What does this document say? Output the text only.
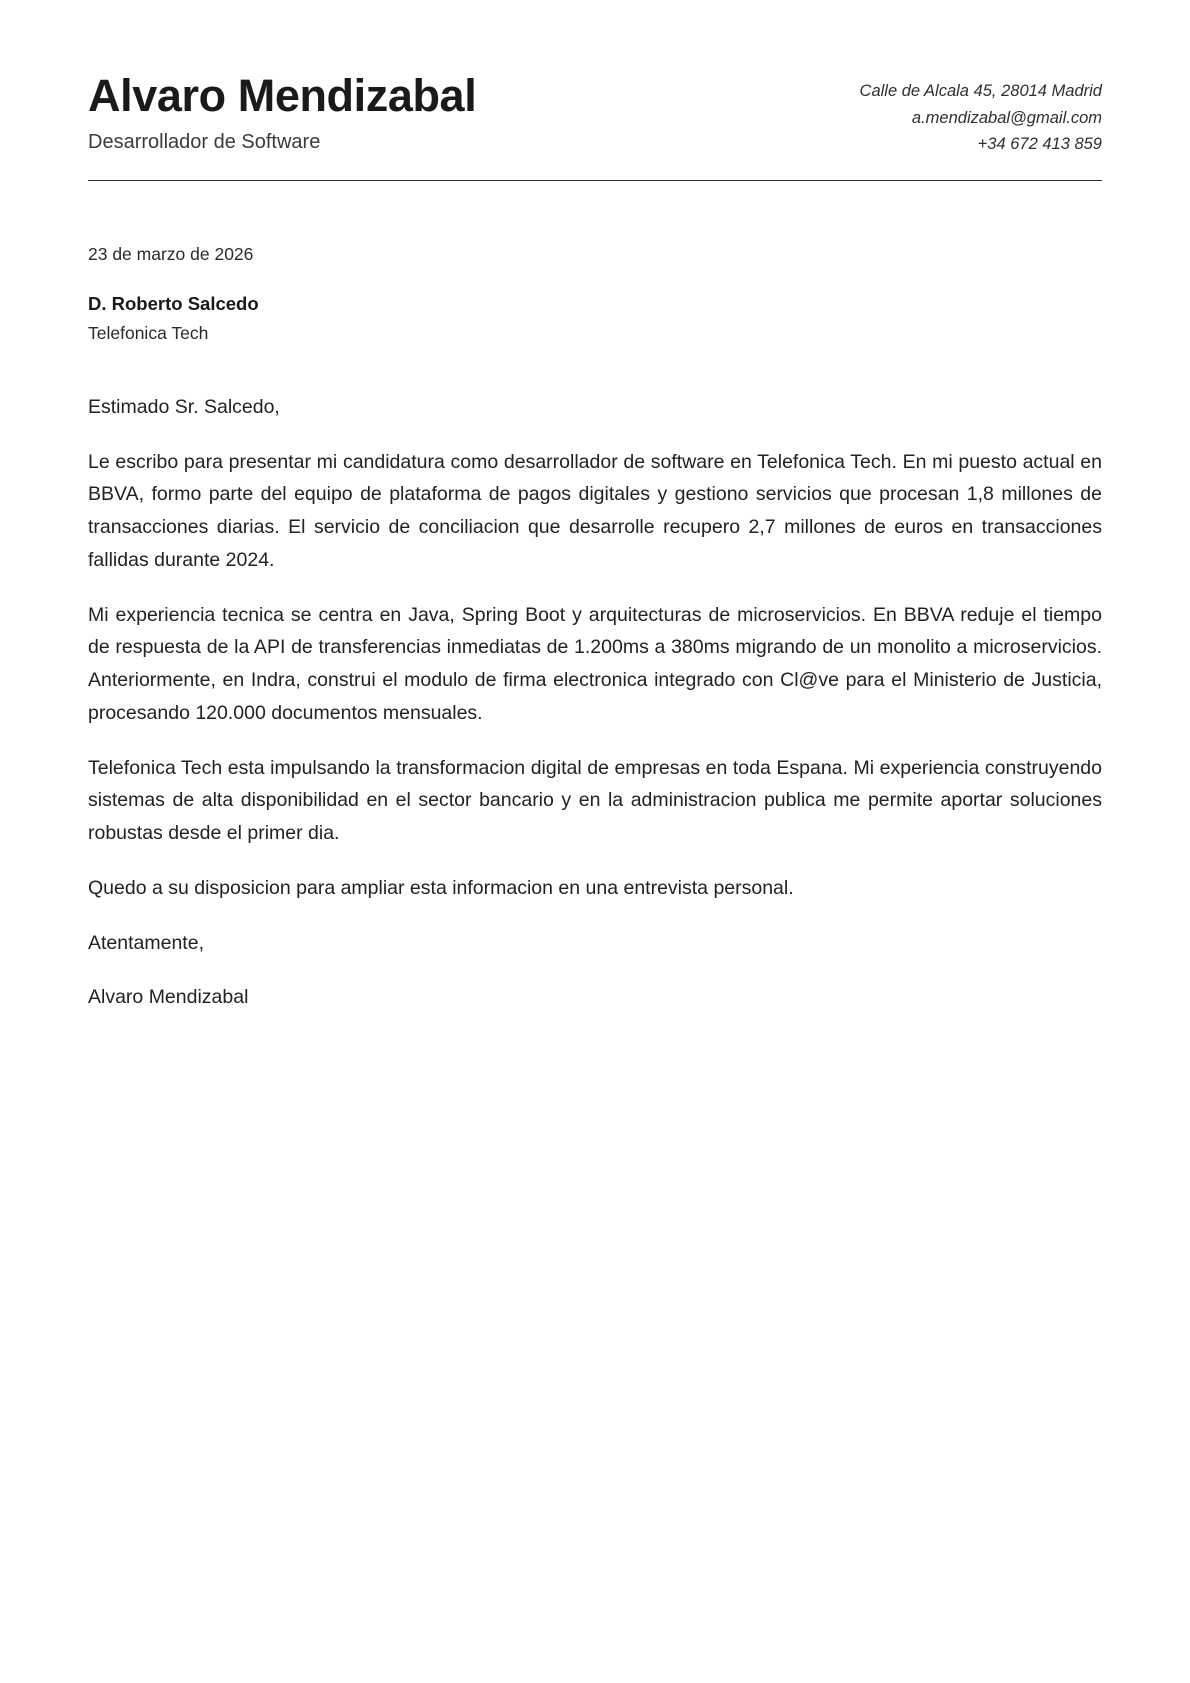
Alvaro Mendizabal
Desarrollador de Software
Calle de Alcala 45, 28014 Madrid
a.mendizabal@gmail.com
+34 672 413 859
23 de marzo de 2026
D. Roberto Salcedo
Telefonica Tech
Estimado Sr. Salcedo,

Le escribo para presentar mi candidatura como desarrollador de software en Telefonica Tech. En mi puesto actual en BBVA, formo parte del equipo de plataforma de pagos digitales y gestiono servicios que procesan 1,8 millones de transacciones diarias. El servicio de conciliacion que desarrolle recupero 2,7 millones de euros en transacciones fallidas durante 2024.

Mi experiencia tecnica se centra en Java, Spring Boot y arquitecturas de microservicios. En BBVA reduje el tiempo de respuesta de la API de transferencias inmediatas de 1.200ms a 380ms migrando de un monolito a microservicios. Anteriormente, en Indra, construi el modulo de firma electronica integrado con Cl@ve para el Ministerio de Justicia, procesando 120.000 documentos mensuales.

Telefonica Tech esta impulsando la transformacion digital de empresas en toda Espana. Mi experiencia construyendo sistemas de alta disponibilidad en el sector bancario y en la administracion publica me permite aportar soluciones robustas desde el primer dia.

Quedo a su disposicion para ampliar esta informacion en una entrevista personal.

Atentamente,
Alvaro Mendizabal
